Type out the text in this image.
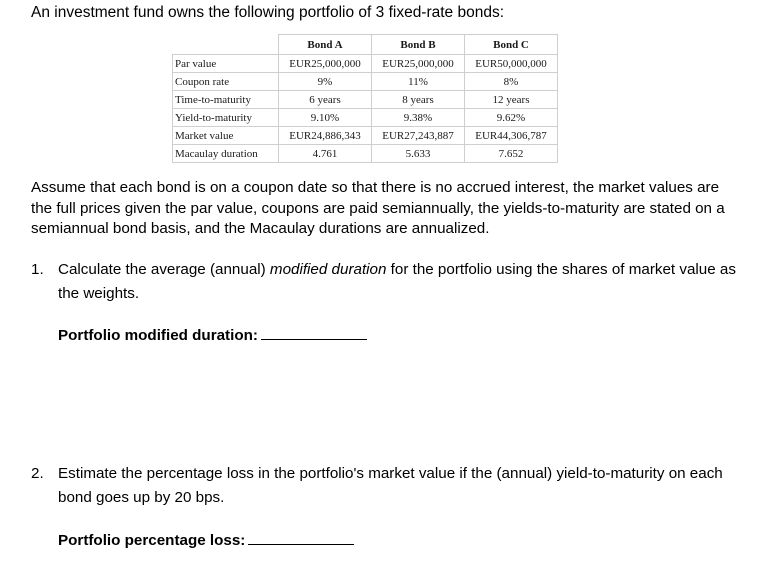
An investment fund owns the following portfolio of 3 fixed-rate bonds:
	Bond A	Bond B	Bond C
Par value	EUR25,000,000	EUR25,000,000	EUR50,000,000
Coupon rate	9%	11%	8%
Time-to-maturity	6 years	8 years	12 years
Yield-to-maturity	9.10%	9.38%	9.62%
Market value	EUR24,886,343	EUR27,243,887	EUR44,306,787
Macaulay duration	4.761	5.633	7.652
Assume that each bond is on a coupon date so that there is no accrued interest, the market values are the full prices given the par value, coupons are paid semiannually, the yields-to-maturity are stated on a semiannual bond basis, and the Macaulay durations are annualized.
1. Calculate the average (annual) modified duration for the portfolio using the shares of market value as the weights.
Portfolio modified duration:
2. Estimate the percentage loss in the portfolio's market value if the (annual) yield-to-maturity on each bond goes up by 20 bps.
Portfolio percentage loss:
